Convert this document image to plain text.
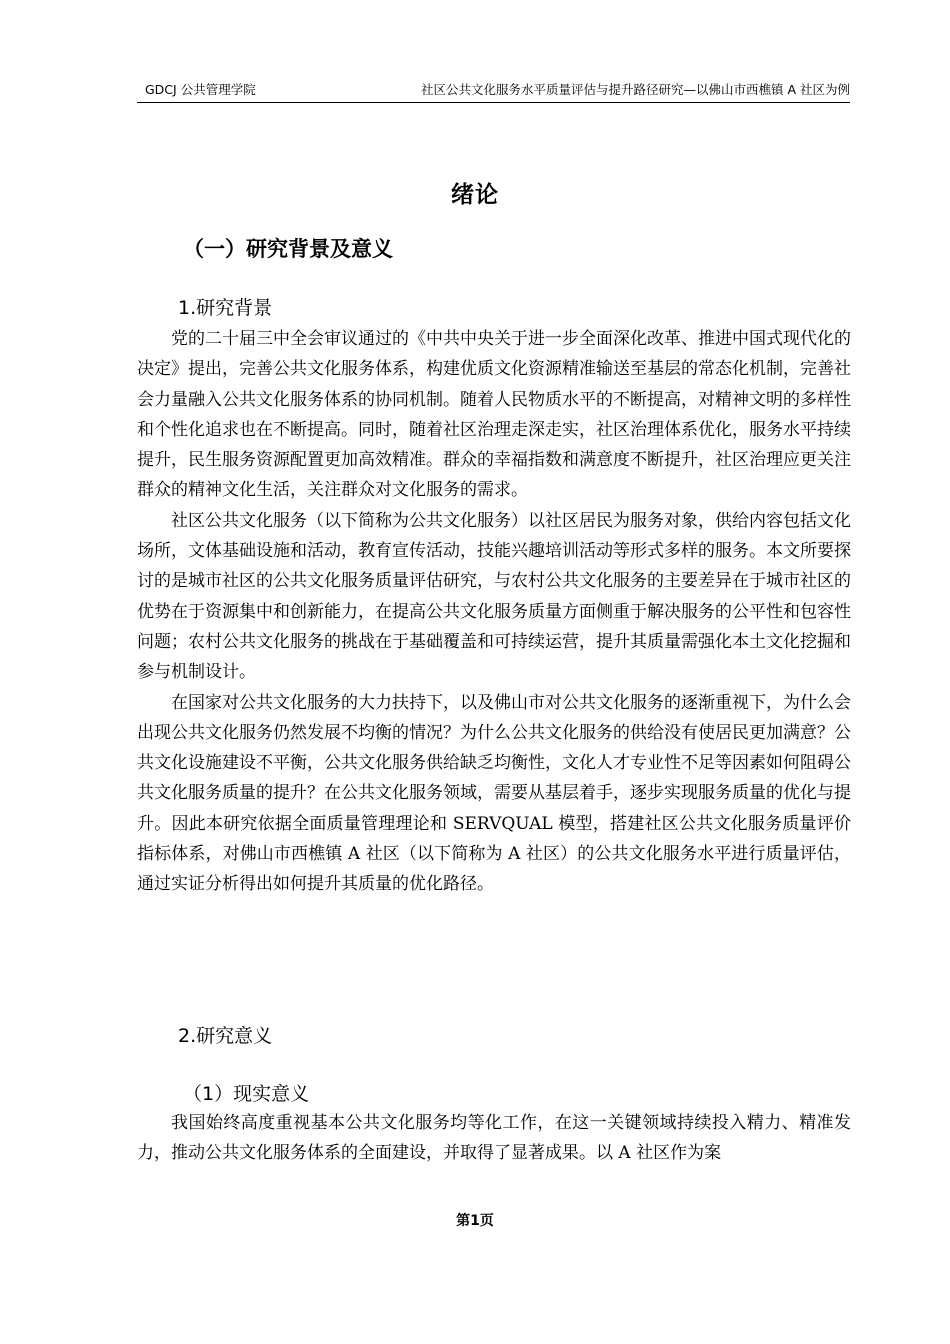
GDCJ 公共管理学院	社区公共文化服务水平质量评估与提升路径研究—以佛山市西樵镇 A 社区为例
绪论
（一）研究背景及意义
1.研究背景

党的二十届三中全会审议通过的《中共中央关于进一步全面深化改革、推进中国式现代化的决定》提出，完善公共文化服务体系，构建优质文化资源精准输送至基层的常态化机制，完善社会力量融入公共文化服务体系的协同机制。随着人民物质水平的不断提高，对精神文明的多样性和个性化追求也在不断提高。同时，随着社区治理走深走实，社区治理体系优化，服务水平持续提升，民生服务资源配置更加高效精准。群众的幸福指数和满意度不断提升，社区治理应更关注群众的精神文化生活，关注群众对文化服务的需求。

社区公共文化服务（以下简称为公共文化服务）以社区居民为服务对象，供给内容包括文化场所，文体基础设施和活动，教育宣传活动，技能兴趣培训活动等形式多样的服务。本文所要探讨的是城市社区的公共文化服务质量评估研究，与农村公共文化服务的主要差异在于城市社区的优势在于资源集中和创新能力，在提高公共文化服务质量方面侧重于解决服务的公平性和包容性问题；农村公共文化服务的挑战在于基础覆盖和可持续运营，提升其质量需强化本土文化挖掘和参与机制设计。

在国家对公共文化服务的大力扶持下，以及佛山市对公共文化服务的逐渐重视下，为什么会出现公共文化服务仍然发展不均衡的情况？为什么公共文化服务的供给没有使居民更加满意？公共文化设施建设不平衡，公共文化服务供给缺乏均衡性，文化人才专业性不足等因素如何阻碍公共文化服务质量的提升？在公共文化服务领域，需要从基层着手，逐步实现服务质量的优化与提升。因此本研究依据全面质量管理理论和 SERVQUAL 模型，搭建社区公共文化服务质量评价指标体系，对佛山市西樵镇 A 社区（以下简称为 A 社区）的公共文化服务水平进行质量评估，通过实证分析得出如何提升其质量的优化路径。

2.研究意义
（1）现实意义

我国始终高度重视基本公共文化服务均等化工作，在这一关键领域持续投入精力、精准发力，推动公共文化服务体系的全面建设，并取得了显著成果。以 A 社区作为案

第1页
